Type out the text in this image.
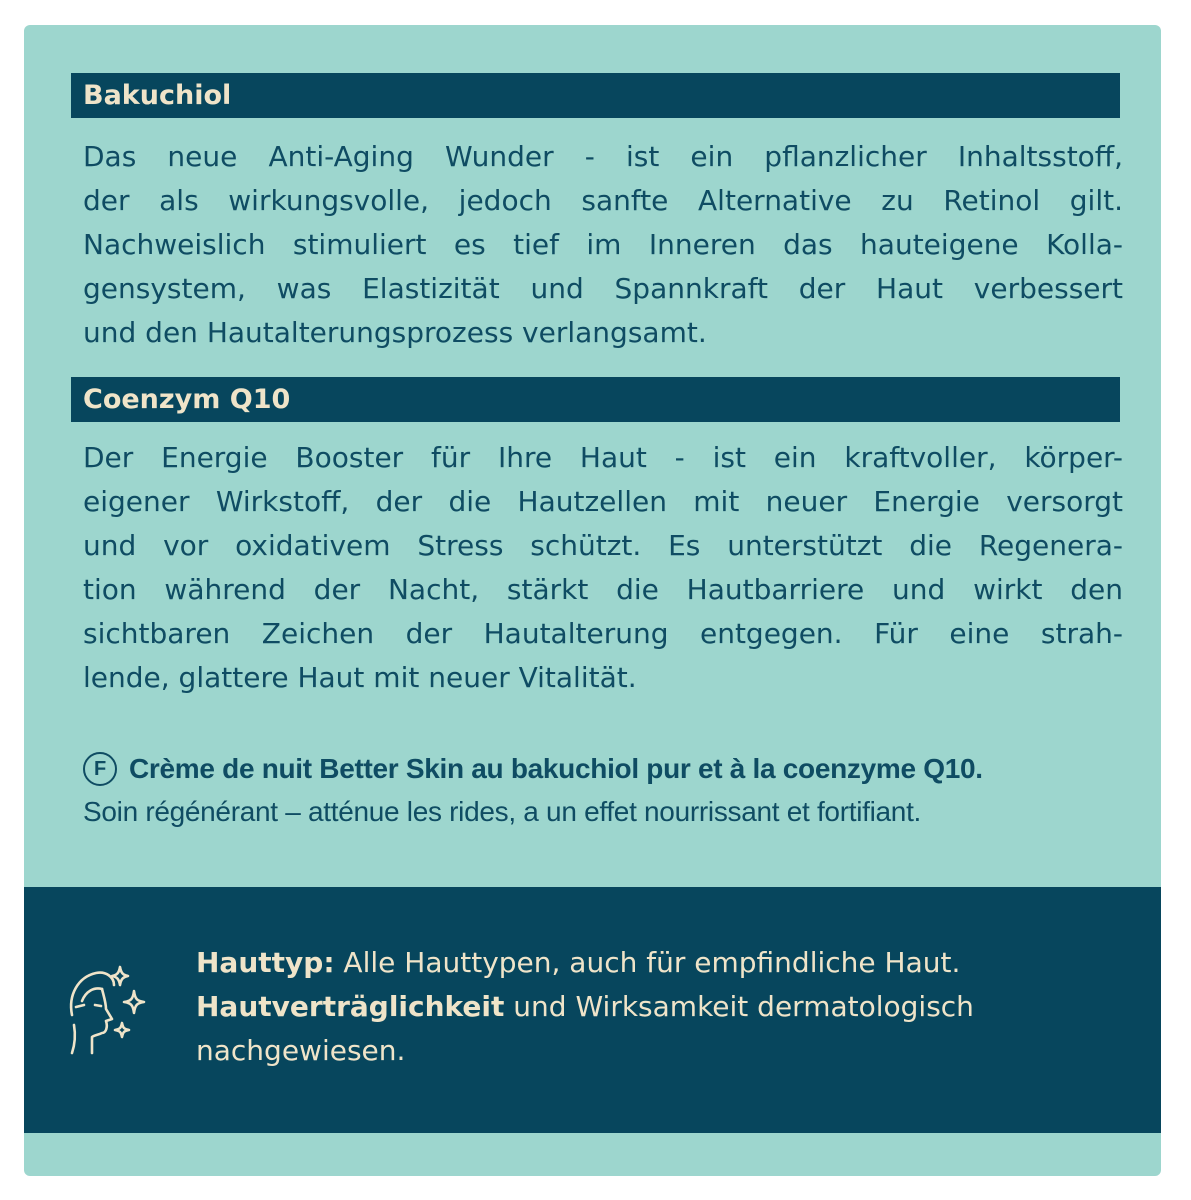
Bakuchiol

Das neue Anti-Aging Wunder - ist ein pflanzlicher Inhaltsstoff,
der als wirkungsvolle, jedoch sanfte Alternative zu Retinol gilt.
Nachweislich stimuliert es tief im Inneren das hauteigene Kolla-
gensystem, was Elastizität und Spannkraft der Haut verbessert
und den Hautalterungsprozess verlangsamt.

Coenzym Q10

Der Energie Booster für Ihre Haut - ist ein kraftvoller, körper-
eigener Wirkstoff, der die Hautzellen mit neuer Energie versorgt
und vor oxidativem Stress schützt. Es unterstützt die Regenera-
tion während der Nacht, stärkt die Hautbarriere und wirkt den
sichtbaren Zeichen der Hautalterung entgegen. Für eine strah-
lende, glattere Haut mit neuer Vitalität.

F Crème de nuit Better Skin au bakuchiol pur et à la coenzyme Q10.
Soin régénérant – atténue les rides, a un effet nourrissant et fortifiant.
Hauttyp: Alle Hauttypen, auch für empfindliche Haut.
Hautverträglichkeit und Wirksamkeit dermatologisch
nachgewiesen.
